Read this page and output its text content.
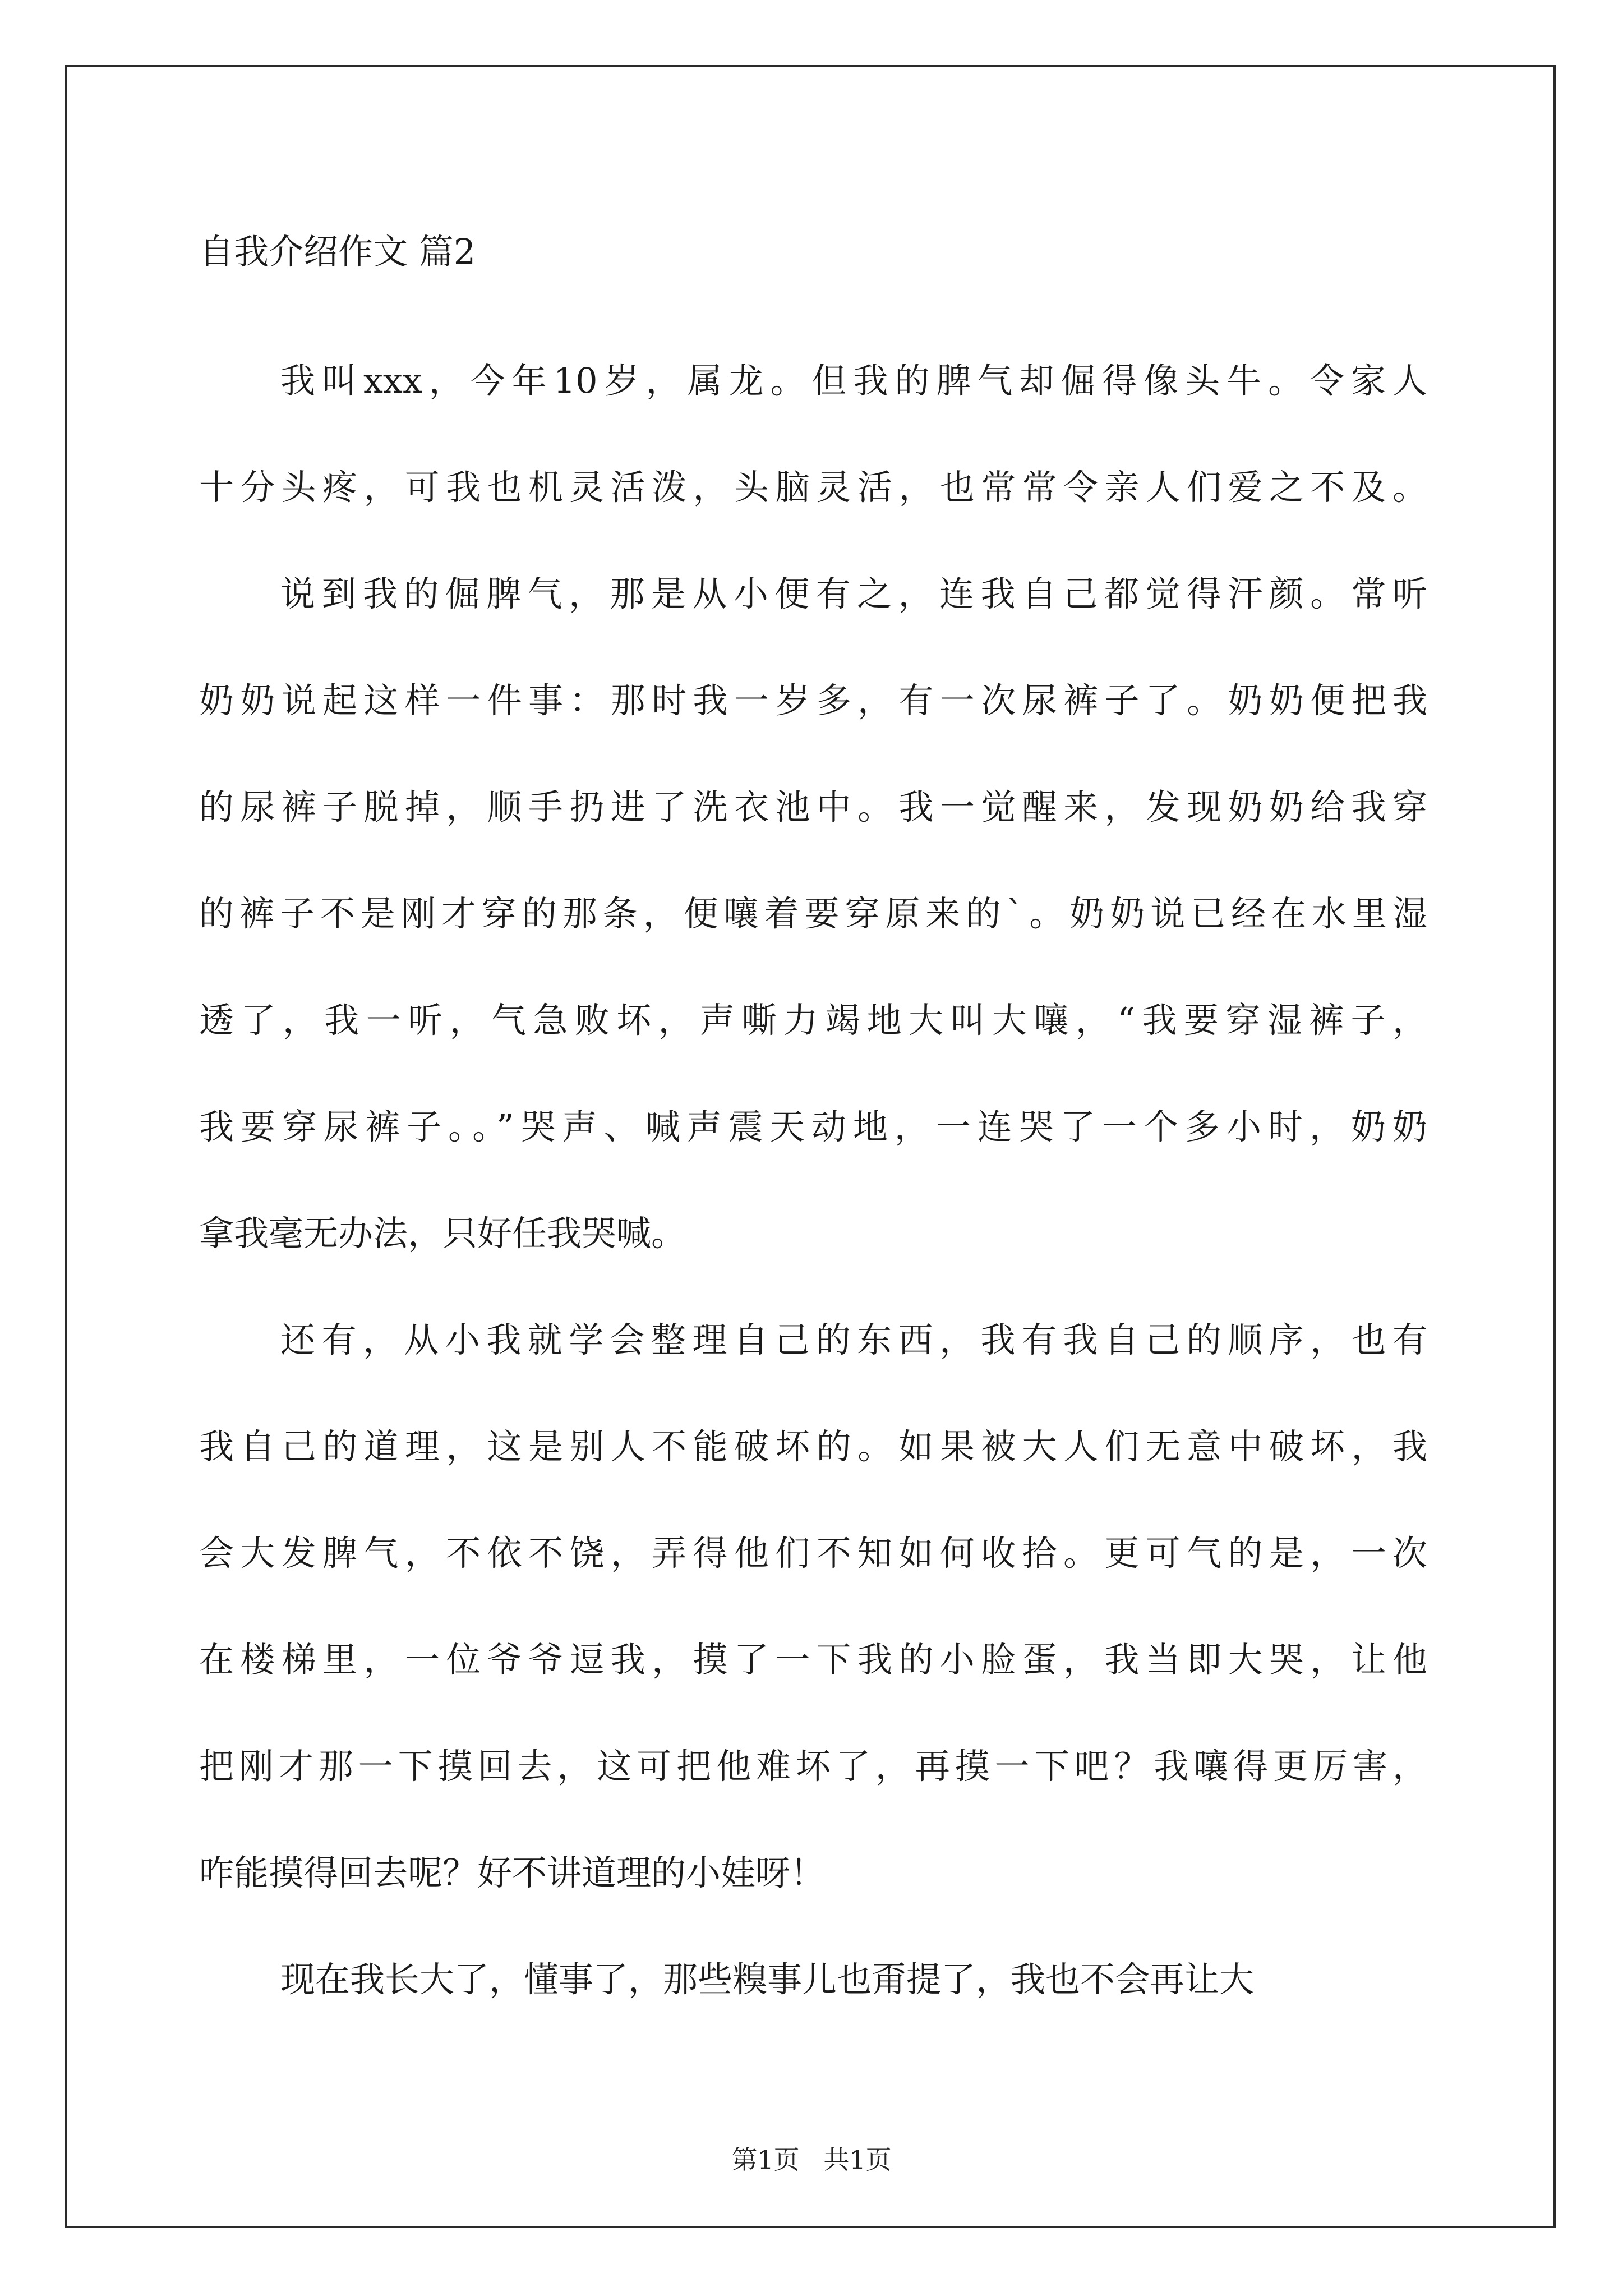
自我介绍作文 篇2
我叫xxx，今年10岁，属龙。但我的脾气却倔得像头牛。令家人
十分头疼，可我也机灵活泼，头脑灵活，也常常令亲人们爱之不及。
说到我的倔脾气，那是从小便有之，连我自己都觉得汗颜。常听
奶奶说起这样一件事：那时我一岁多，有一次尿裤子了。奶奶便把我
的尿裤子脱掉，顺手扔进了洗衣池中。我一觉醒来，发现奶奶给我穿
的裤子不是刚才穿的那条，便嚷着要穿原来的`。奶奶说已经在水里湿
透了，我一听，气急败坏，声嘶力竭地大叫大嚷，“我要穿湿裤子，
我要穿尿裤子。。”哭声、喊声震天动地，一连哭了一个多小时，奶奶
拿我毫无办法，只好任我哭喊。
还有，从小我就学会整理自己的东西，我有我自己的顺序，也有
我自己的道理，这是别人不能破坏的。如果被大人们无意中破坏，我
会大发脾气，不依不饶，弄得他们不知如何收拾。更可气的是，一次
在楼梯里，一位爷爷逗我，摸了一下我的小脸蛋，我当即大哭，让他
把刚才那一下摸回去，这可把他难坏了，再摸一下吧？我嚷得更厉害，
咋能摸得回去呢？好不讲道理的小娃呀！
现在我长大了，懂事了，那些糗事儿也甭提了，我也不会再让大
第1页 共1页
